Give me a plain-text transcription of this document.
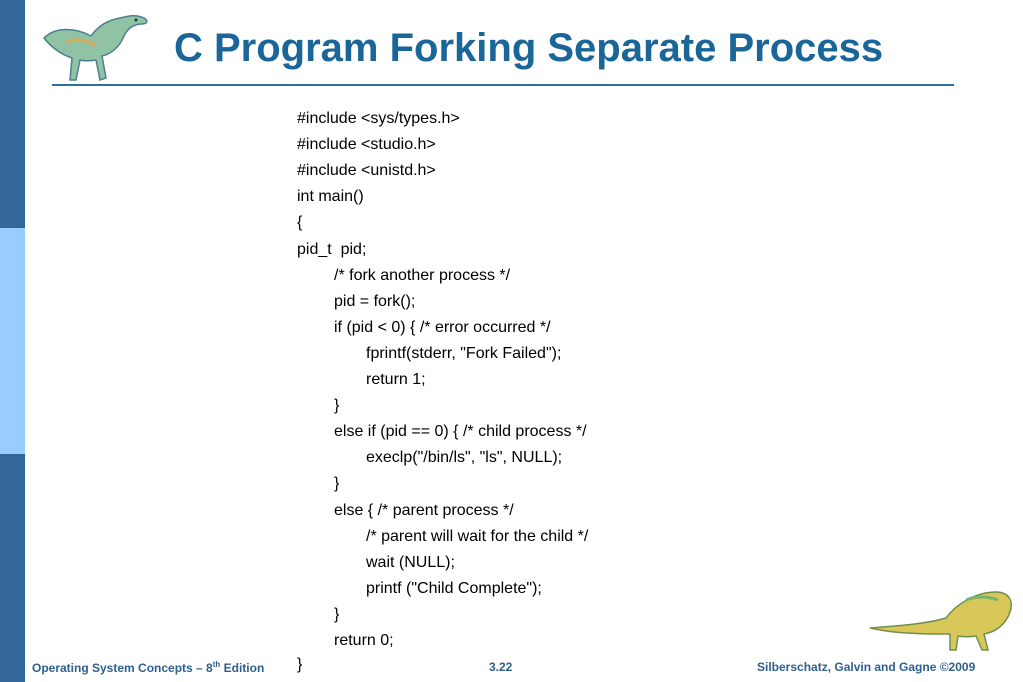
C Program Forking Separate Process
#include <sys/types.h>
#include <studio.h>
#include <unistd.h>
int main()
{
pid_t  pid;
/* fork another process */
pid = fork();
if (pid < 0) { /* error occurred */
fprintf(stderr, "Fork Failed");
return 1;
}
else if (pid == 0) { /* child process */
execlp("/bin/ls", "ls", NULL);
}
else { /* parent process */
/* parent will wait for the child */
wait (NULL);
printf ("Child Complete");
}
return 0;
}
Operating System Concepts – 8th Edition	3.22	Silberschatz, Galvin and Gagne ©2009
